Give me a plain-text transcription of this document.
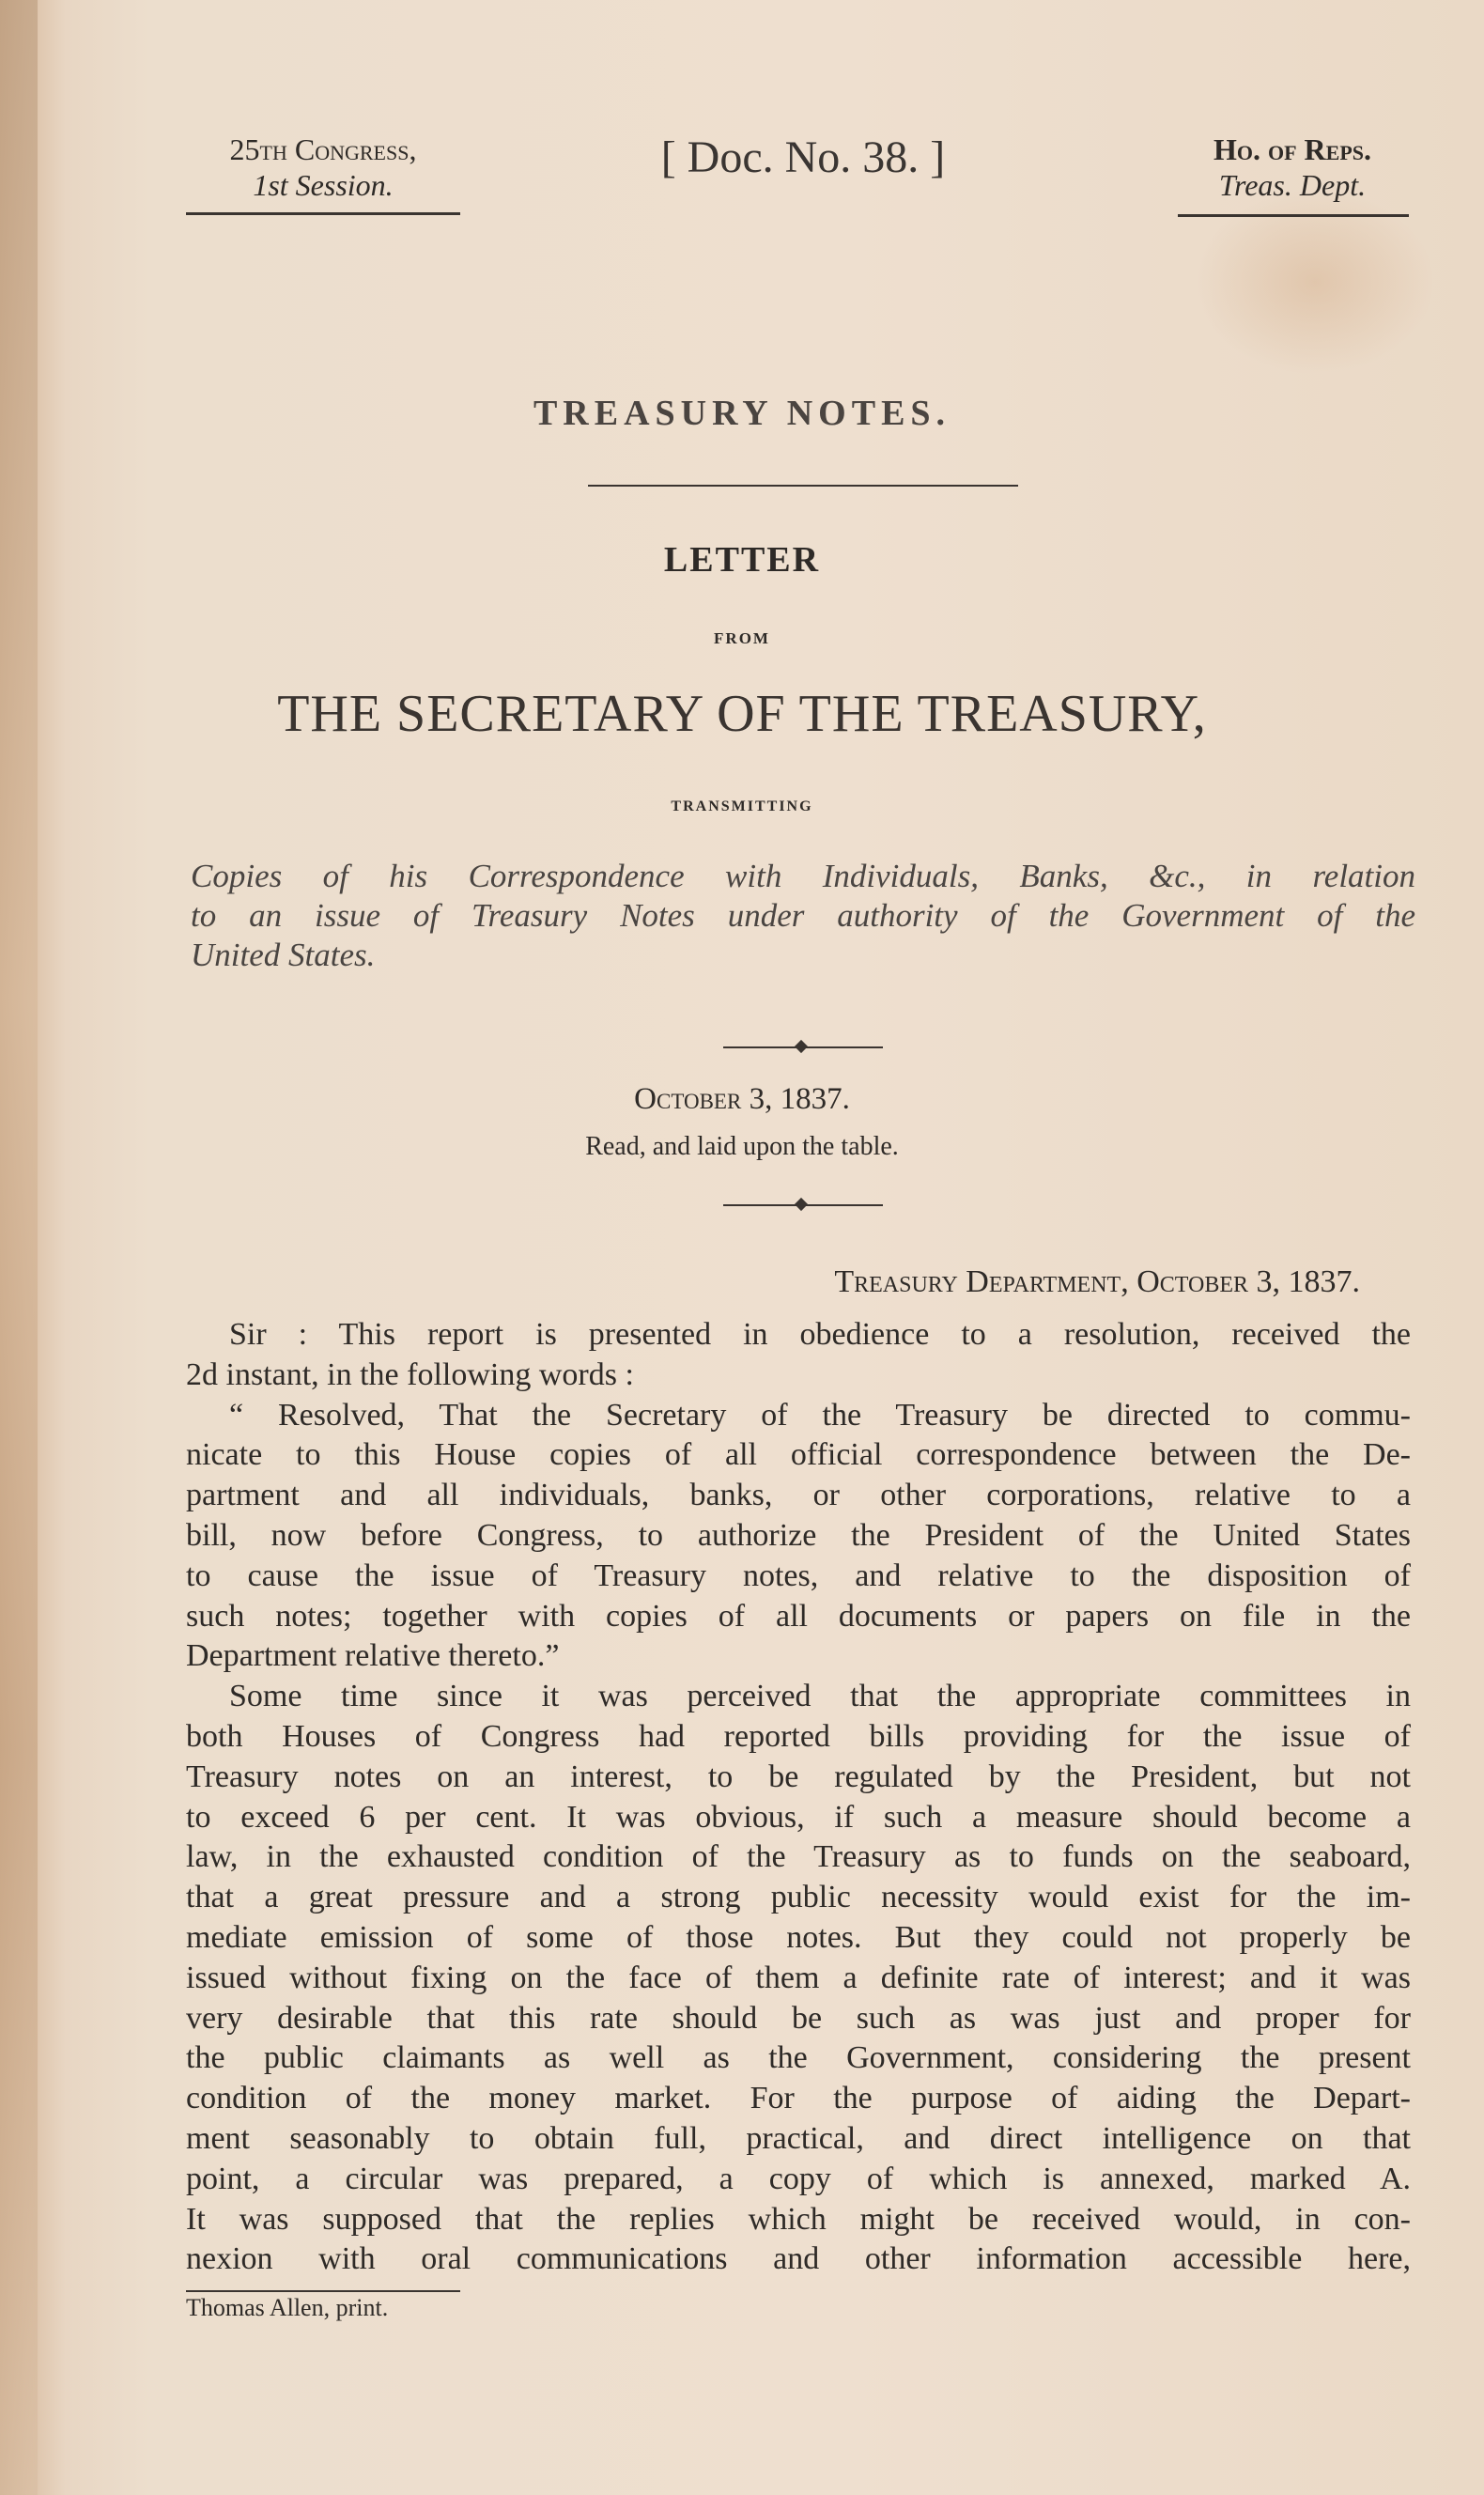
25th Congress,
1st Session.
[ Doc. No. 38. ]	Ho. of Reps.
Treas. Dept.
TREASURY NOTES.
LETTER
FROM
THE SECRETARY OF THE TREASURY,
TRANSMITTING
Copies of his Correspondence with Individuals, Banks, &c., in relation
to an issue of Treasury Notes under authority of the Government of the
United States.
October 3, 1837.
Read, and laid upon the table.
Treasury Department, October 3, 1837.
Sir : This report is presented in obedience to a resolution, received the
2d instant, in the following words :
“ Resolved, That the Secretary of the Treasury be directed to commu-
nicate to this House copies of all official correspondence between the De-
partment and all individuals, banks, or other corporations, relative to a
bill, now before Congress, to authorize the President of the United States
to cause the issue of Treasury notes, and relative to the disposition of
such notes; together with copies of all documents or papers on file in the
Department relative thereto.”
Some time since it was perceived that the appropriate committees in
both Houses of Congress had reported bills providing for the issue of
Treasury notes on an interest, to be regulated by the President, but not
to exceed 6 per cent. It was obvious, if such a measure should become a
law, in the exhausted condition of the Treasury as to funds on the seaboard,
that a great pressure and a strong public necessity would exist for the im-
mediate emission of some of those notes. But they could not properly be
issued without fixing on the face of them a definite rate of interest; and it was
very desirable that this rate should be such as was just and proper for
the public claimants as well as the Government, considering the present
condition of the money market. For the purpose of aiding the Depart-
ment seasonably to obtain full, practical, and direct intelligence on that
point, a circular was prepared, a copy of which is annexed, marked A.
It was supposed that the replies which might be received would, in con-
nexion with oral communications and other information accessible here,
Thomas Allen, print.
